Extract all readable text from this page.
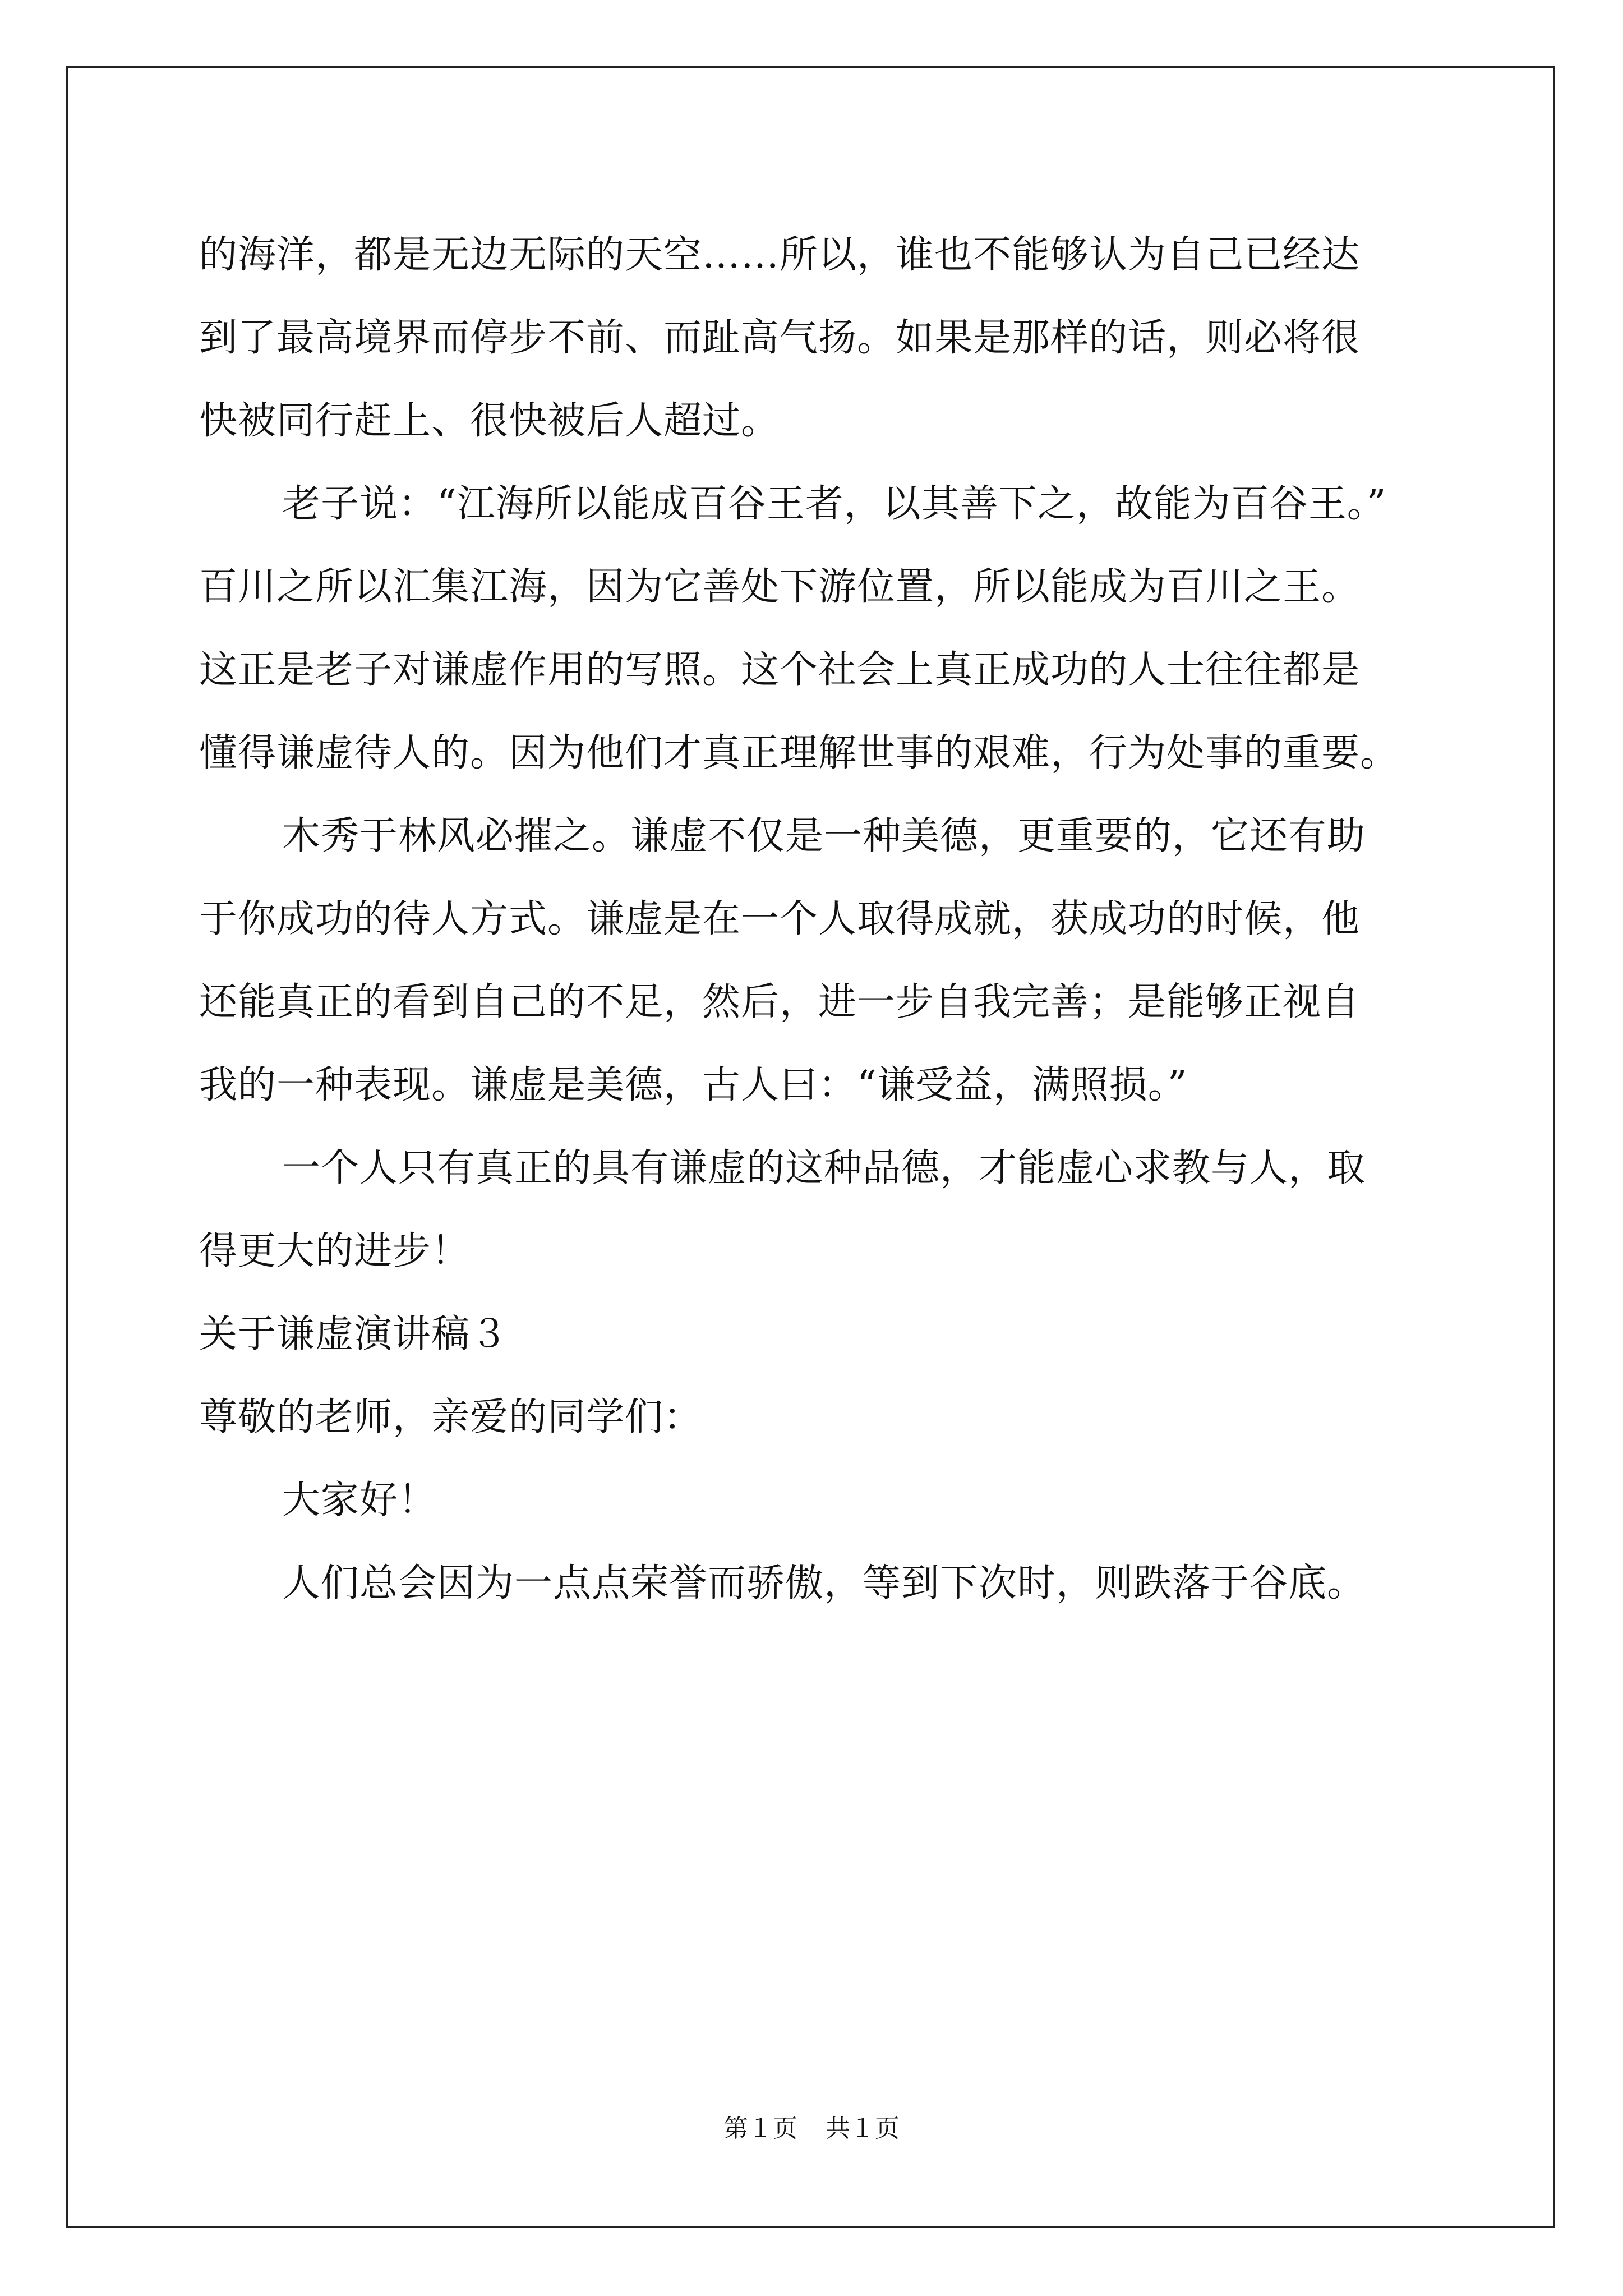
的海洋，都是无边无际的天空……所以，谁也不能够认为自己已经达
到了最高境界而停步不前、而趾高气扬。如果是那样的话，则必将很
快被同行赶上、很快被后人超过。
老子说：“江海所以能成百谷王者，以其善下之，故能为百谷王。”
百川之所以汇集江海，因为它善处下游位置，所以能成为百川之王。
这正是老子对谦虚作用的写照。这个社会上真正成功的人士往往都是
懂得谦虚待人的。因为他们才真正理解世事的艰难，行为处事的重要。
木秀于林风必摧之。谦虚不仅是一种美德，更重要的，它还有助
于你成功的待人方式。谦虚是在一个人取得成就，获成功的时候，他
还能真正的看到自己的不足，然后，进一步自我完善；是能够正视自
我的一种表现。谦虚是美德，古人曰：“谦受益，满照损。”
一个人只有真正的具有谦虚的这种品德，才能虚心求教与人，取
得更大的进步！
关于谦虚演讲稿３
尊敬的老师，亲爱的同学们：
大家好！
人们总会因为一点点荣誉而骄傲，等到下次时，则跌落于谷底。
第１页 共１页
